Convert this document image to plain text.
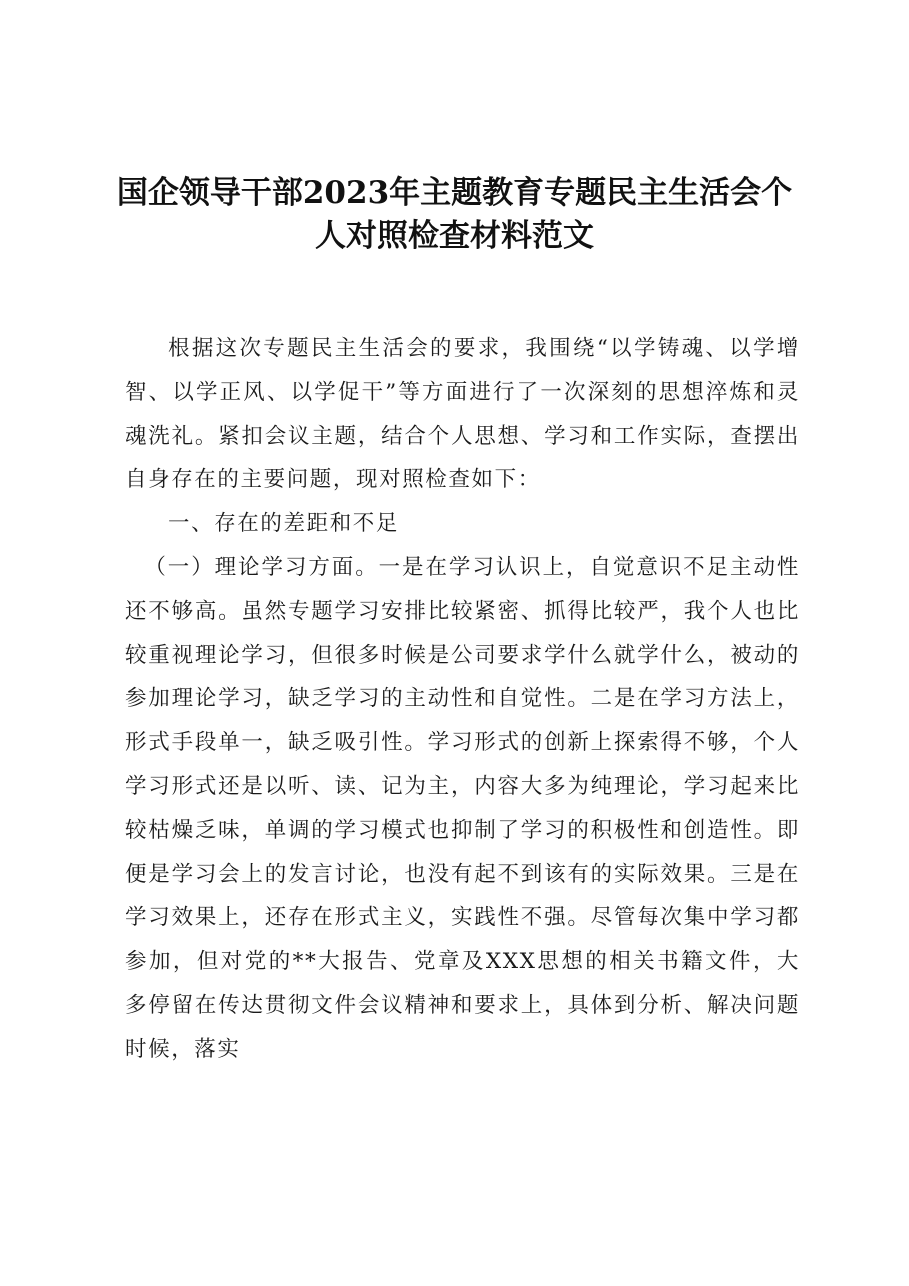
国企领导干部2023年主题教育专题民主生活会个人对照检查材料范文

根据这次专题民主生活会的要求，我围绕“以学铸魂、以学增智、以学正风、以学促干”等方面进行了一次深刻的思想淬炼和灵魂洗礼。紧扣会议主题，结合个人思想、学习和工作实际，查摆出自身存在的主要问题，现对照检查如下：

一、存在的差距和不足

（一）理论学习方面。一是在学习认识上，自觉意识不足主动性还不够高。虽然专题学习安排比较紧密、抓得比较严，我个人也比较重视理论学习，但很多时候是公司要求学什么就学什么，被动的参加理论学习，缺乏学习的主动性和自觉性。二是在学习方法上，形式手段单一，缺乏吸引性。学习形式的创新上探索得不够，个人学习形式还是以听、读、记为主，内容大多为纯理论，学习起来比较枯燥乏味，单调的学习模式也抑制了学习的积极性和创造性。即便是学习会上的发言讨论，也没有起不到该有的实际效果。三是在学习效果上，还存在形式主义，实践性不强。尽管每次集中学习都参加，但对党的**大报告、党章及XXX思想的相关书籍文件，大多停留在传达贯彻文件会议精神和要求上，具体到分析、解决问题时候，落实
